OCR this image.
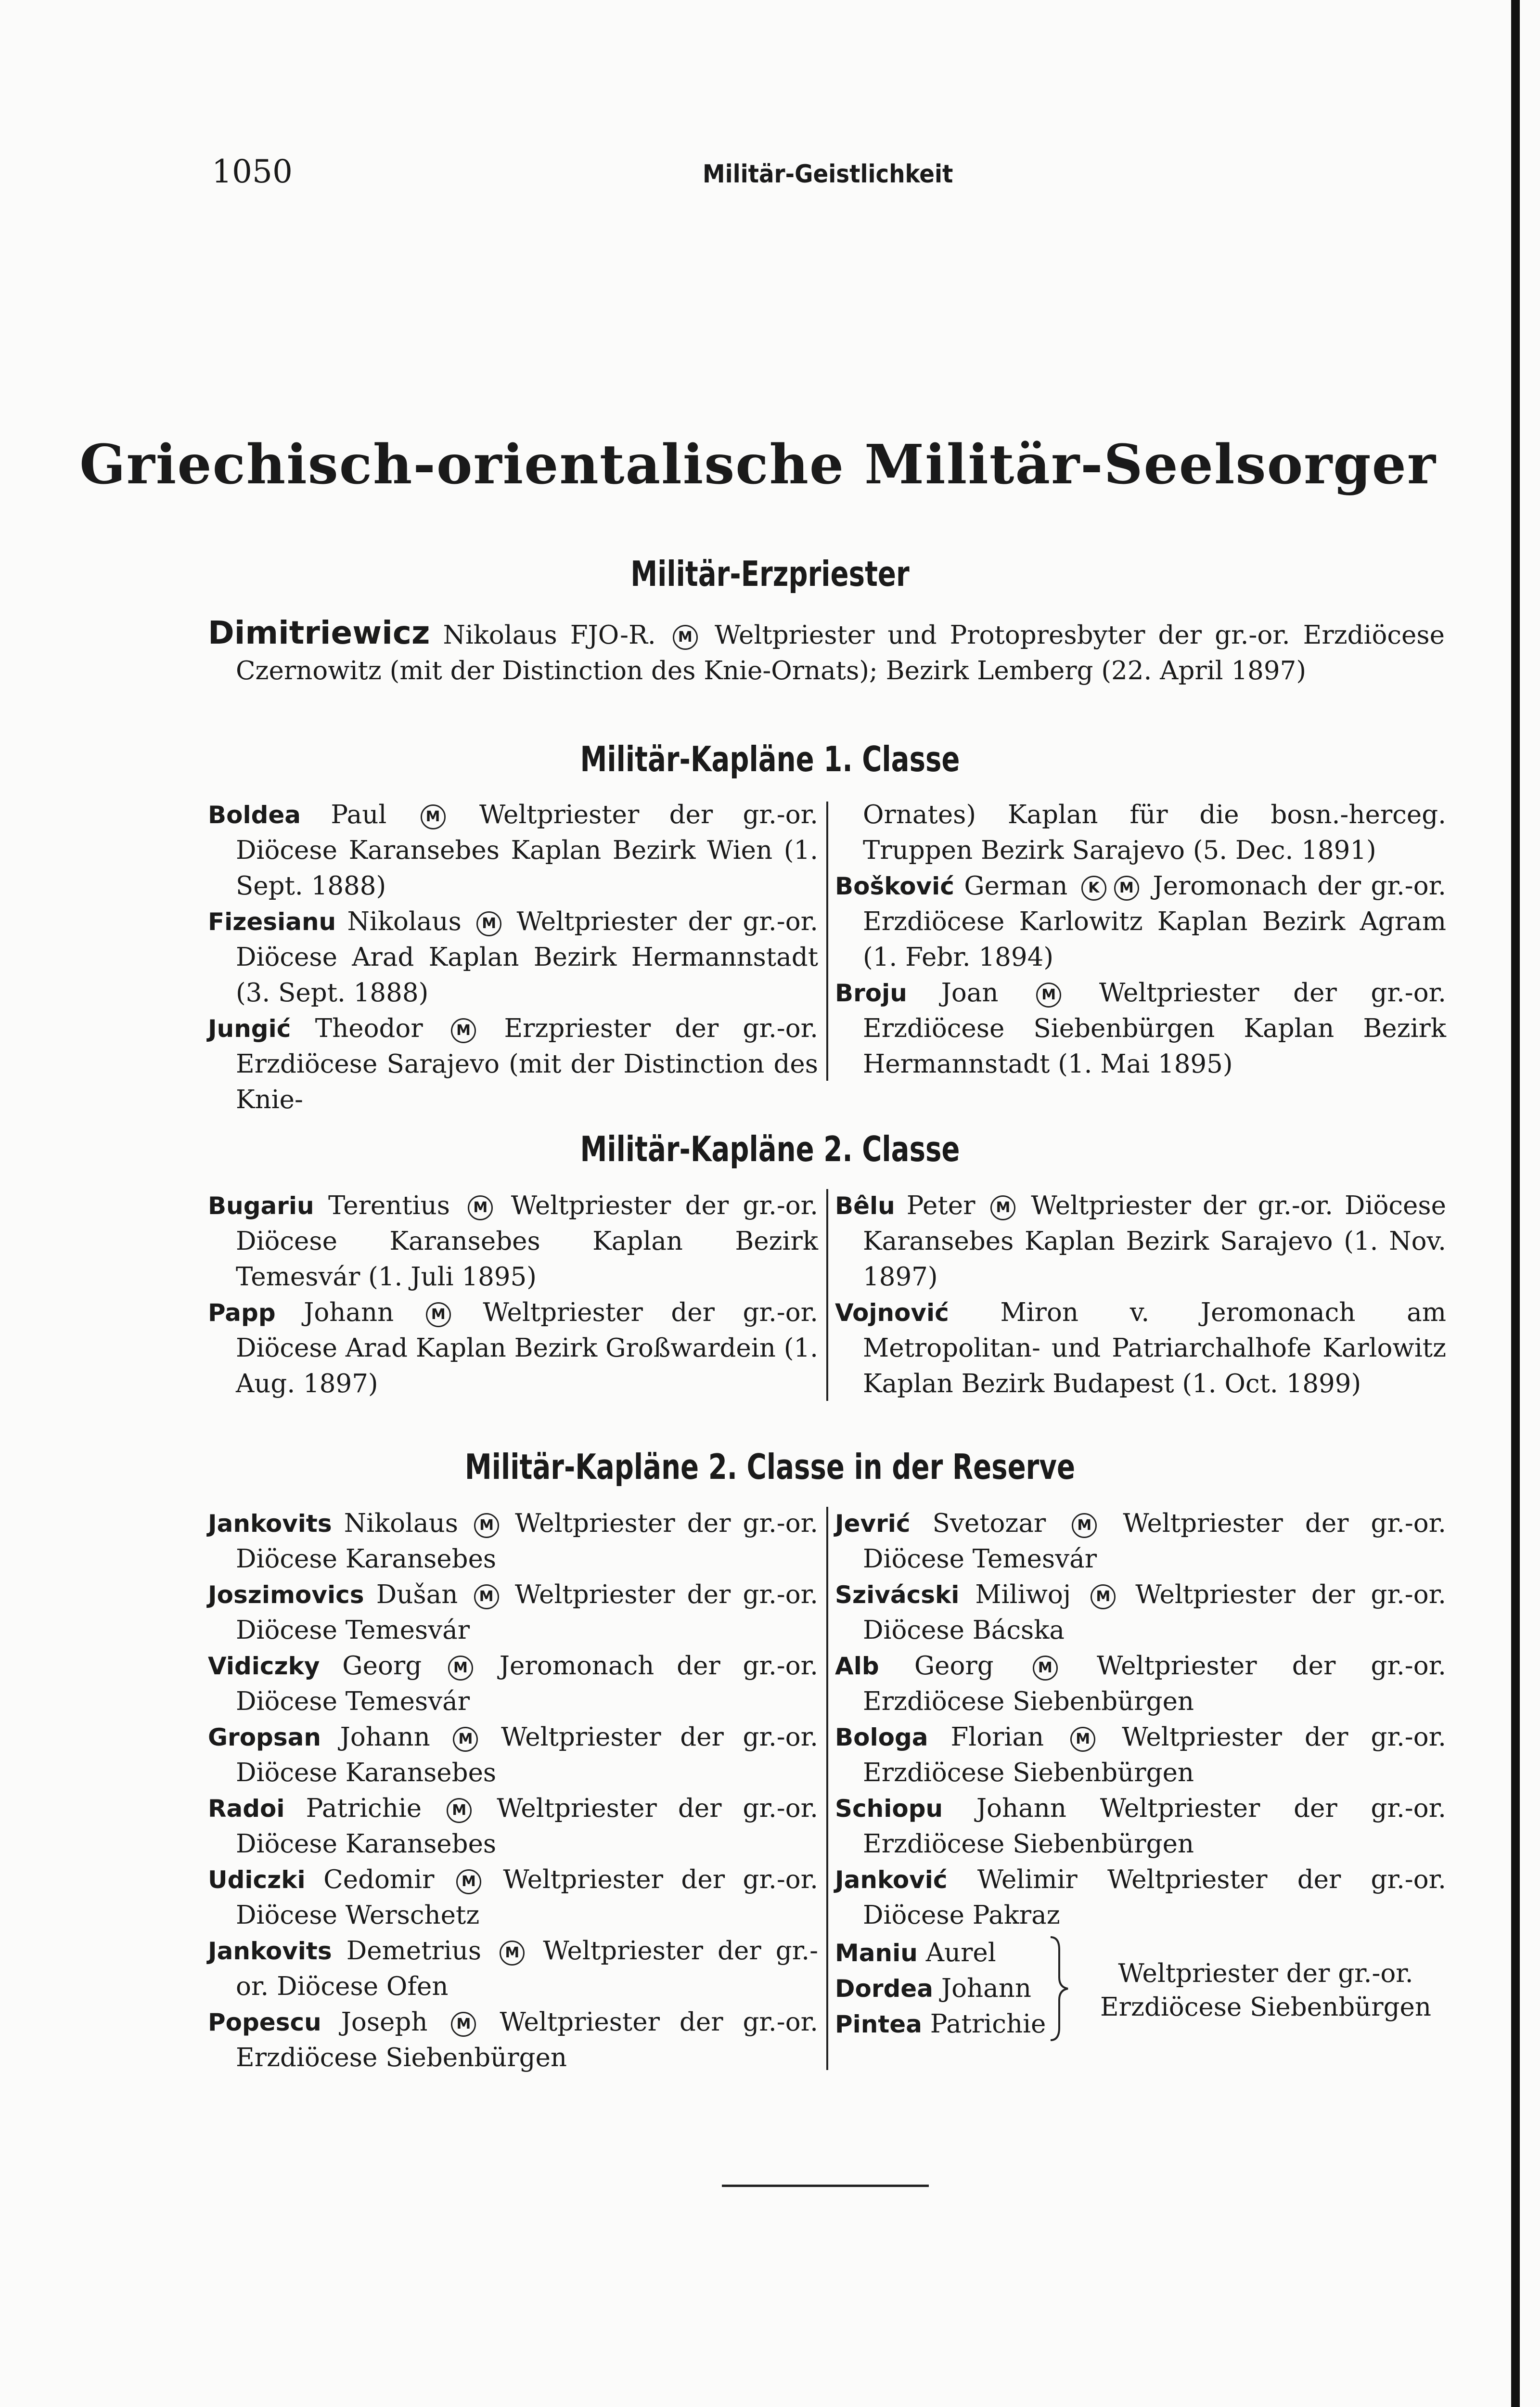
1050	Militär-Geistlichkeit
Griechisch-orientalische Militär-Seelsorger
Militär-Erzpriester

Dimitriewicz Nikolaus FJO-R. M Weltpriester und Protopresbyter der gr.-or. Erzdiöcese Czernowitz (mit der Distinction des Knie-Ornats); Bezirk Lemberg (22. April 1897)

Militär-Kapläne 1. Classe

Boldea Paul	M Weltpriester der gr.-or. Diöcese Karansebes Kaplan Bezirk Wien (1. Sept. 1888)

Fizesianu Nikolaus M Weltpriester der gr.-or. Diöcese Arad Kaplan Bezirk Hermannstadt (3. Sept. 1888)

Jungić Theodor M Erzpriester der gr.-or. Erzdiöcese Sarajevo (mit der Distinction des Knie-

Ornates) Kaplan für die bosn.-herceg. Truppen Bezirk Sarajevo (5. Dec. 1891)

Bošković German K M Jeromonach der gr.-or. Erzdiöcese Karlowitz Kaplan Bezirk Agram (1. Febr. 1894)

Broju Joan	M Weltpriester der gr.-or. Erzdiöcese Siebenbürgen Kaplan Bezirk Hermannstadt (1. Mai 1895)

Militär-Kapläne 2. Classe

Bugariu Terentius M Weltpriester der gr.-or. Diöcese Karansebes Kaplan Bezirk Temesvár (1. Juli 1895)

Papp Johann	M Weltpriester der gr.-or. Diöcese Arad Kaplan Bezirk Großwardein (1. Aug. 1897)

Bêlu Peter M Weltpriester der gr.-or. Diöcese Karansebes Kaplan Bezirk Sarajevo (1. Nov. 1897)

Vojnović Miron v. Jeromonach am Metropolitan- und Patriarchalhofe Karlowitz Kaplan Bezirk Budapest (1. Oct. 1899)

Militär-Kapläne 2. Classe in der Reserve

Jankovits Nikolaus M Weltpriester der gr.-or. Diöcese Karansebes

Joszimovics Dušan M Weltpriester der gr.-or. Diöcese Temesvár

Vidiczky Georg M Jeromonach der gr.-or. Diöcese Temesvár

Gropsan Johann M Weltpriester der gr.-or. Diöcese Karansebes

Radoi Patrichie M Weltpriester der gr.-or. Diöcese Karansebes

Udiczki Cedomir M Weltpriester der gr.-or. Diöcese Werschetz

Jankovits Demetrius M Weltpriester der gr.-or. Diöcese Ofen

Popescu Joseph M Weltpriester der gr.-or. Erzdiöcese Siebenbürgen

Jevrić Svetozar M Weltpriester der gr.-or. Diöcese Temesvár

Szivácski Miliwoj M Weltpriester der gr.-or. Diöcese Bácska

Alb Georg	M Weltpriester der gr.-or. Erzdiöcese Siebenbürgen

Bologa Florian M Weltpriester der gr.-or. Erzdiöcese Siebenbürgen

Schiopu Johann Weltpriester der gr.-or. Erzdiöcese Siebenbürgen

Janković Welimir Weltpriester der gr.-or. Diöcese Pakraz

Maniu Aurel
Dordea Johann
Pintea Patrichie
Weltpriester der gr.-or. Erzdiöcese Siebenbürgen
